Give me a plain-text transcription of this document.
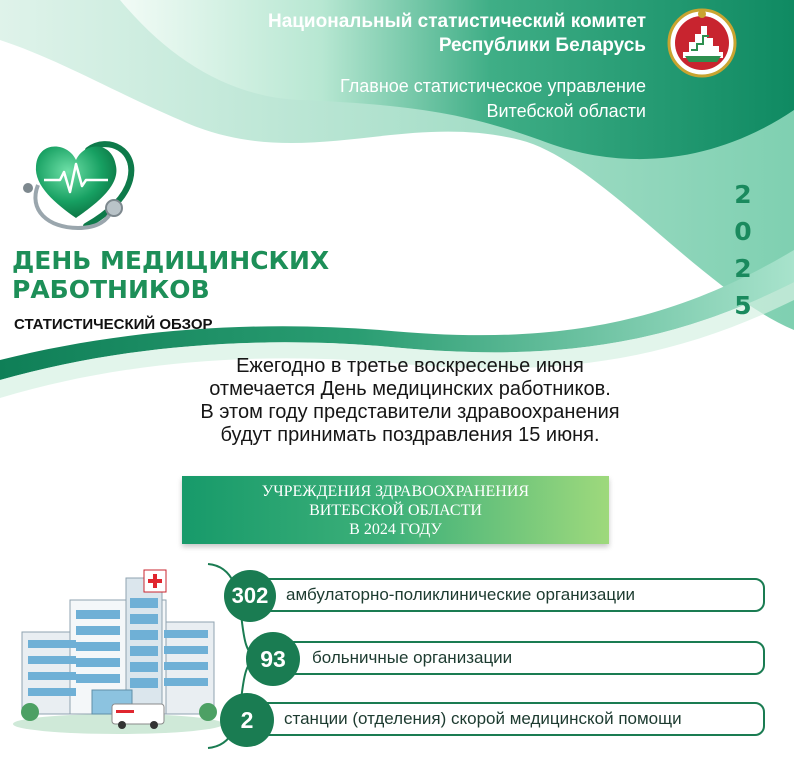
Национальный статистический комитет
Республики Беларусь
Главное статистическое управление
Витебской области
2
0
2
5
ДЕНЬ МЕДИЦИНСКИХ
РАБОТНИКОВ
СТАТИСТИЧЕСКИЙ ОБЗОР
Ежегодно в третье воскресенье июня
отмечается День медицинских работников.
В этом году представители здравоохранения
будут принимать поздравления 15 июня.
УЧРЕЖДЕНИЯ ЗДРАВООХРАНЕНИЯ
ВИТЕБСКОЙ ОБЛАСТИ
В 2024 ГОДУ
амбулаторно-поликлинические организации
302
больничные организации
93
станции (отделения) скорой медицинской помощи
2
